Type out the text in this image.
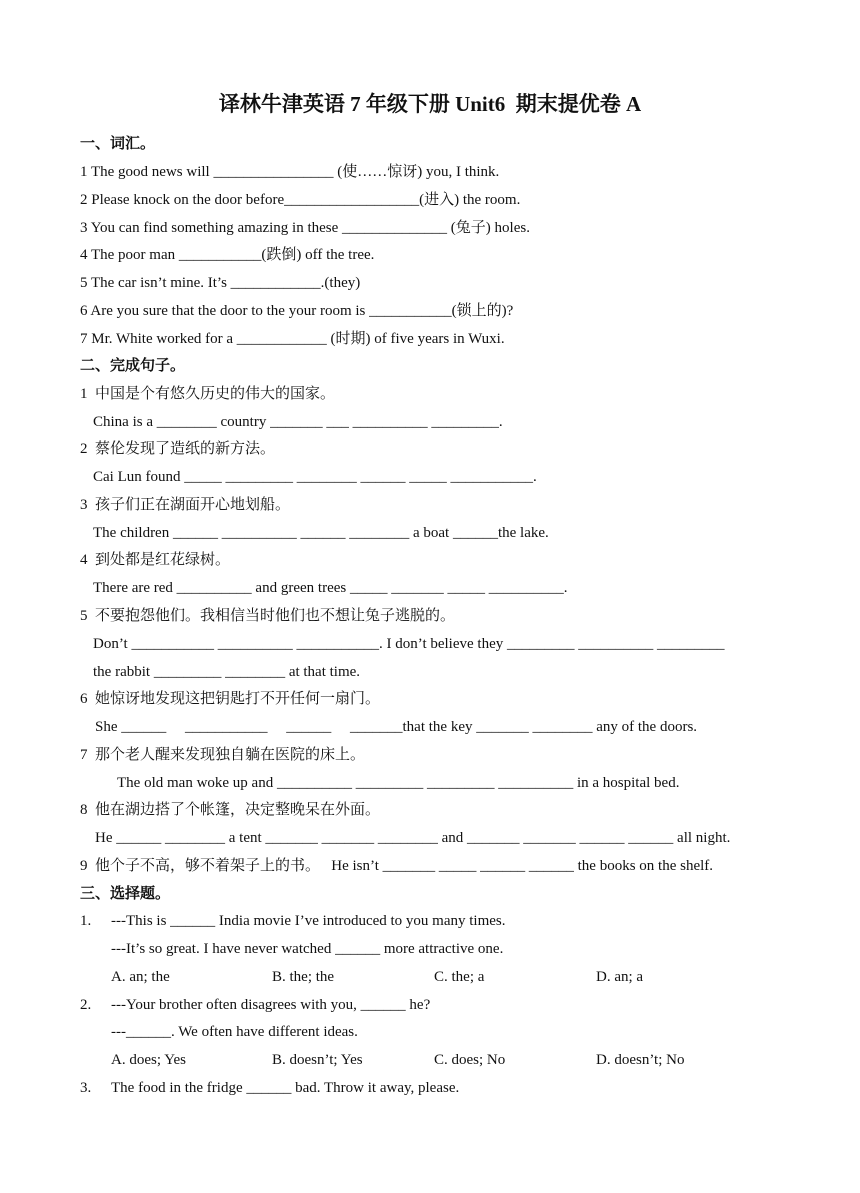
译林牛津英语 7 年级下册 Unit6  期末提优卷 A
一、词汇。
1 The good news will ________________ (使……惊讶) you, I think.
2 Please knock on the door before__________________(进入) the room.
3 You can find something amazing in these ______________ (兔子) holes.
4 The poor man ___________(跌倒) off the tree.
5 The car isn’t mine. It’s ____________.(they)
6 Are you sure that the door to the your room is ___________(锁上的)?
7 Mr. White worked for a ____________ (时期) of five years in Wuxi.
二、完成句子。
1  中国是个有悠久历史的伟大的国家。
China is a ________ country _______ ___ __________ _________.
2  蔡伦发现了造纸的新方法。
Cai Lun found _____ _________ ________ ______ _____ ___________.
3  孩子们正在湖面开心地划船。
The children ______ __________ ______ ________ a boat ______the lake.
4  到处都是红花绿树。
There are red __________ and green trees _____ _______ _____ __________.
5  不要抱怨他们。我相信当时他们也不想让兔子逃脱的。
Don’t ___________ __________ ___________. I don’t believe they _________ __________ _________
the rabbit _________ ________ at that time.
6  她惊讶地发现这把钥匙打不开任何一扇门。
She ______     ___________     ______     _______that the key _______ ________ any of the doors.
7  那个老人醒来发现独自躺在医院的床上。
The old man woke up and __________ _________ _________ __________ in a hospital bed.
8  他在湖边搭了个帐篷，决定整晚呆在外面。
He ______ ________ a tent _______ _______ ________ and _______ _______ ______ ______ all night.
9  他个子不高，够不着架子上的书。   He isn’t _______ _____ ______ ______ the books on the shelf.
三、选择题。
1.	---This is ______ India movie I’ve introduced to you many times.
---It’s so great. I have never watched ______ more attractive one.
A. an; the	B. the; the	C. the; a	D. an; a
2.	---Your brother often disagrees with you, ______ he?
---______. We often have different ideas.
A. does; Yes	B. doesn’t; Yes	C. does; No	D. doesn’t; No
3.	The food in the fridge ______ bad. Throw it away, please.
